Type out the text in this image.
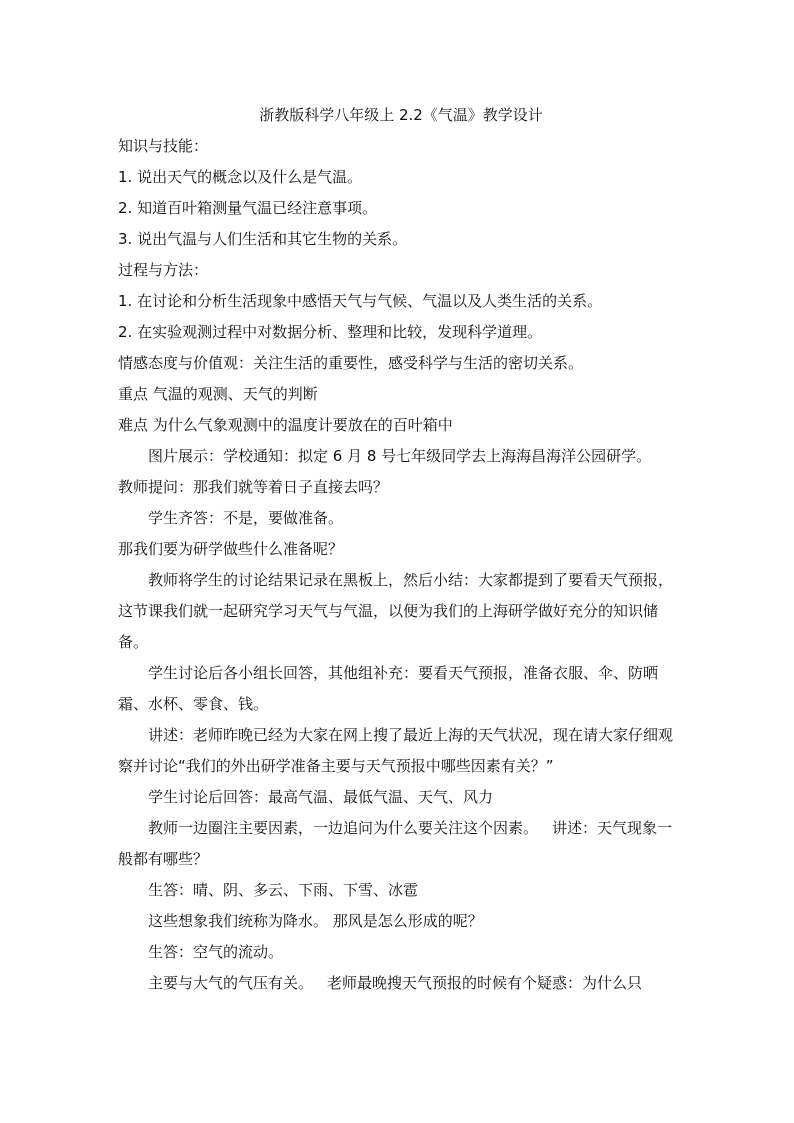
浙教版科学八年级上 2.2《气温》教学设计

知识与技能：

1. 说出天气的概念以及什么是气温。

2. 知道百叶箱测量气温已经注意事项。

3. 说出气温与人们生活和其它生物的关系。

过程与方法：

1. 在讨论和分析生活现象中感悟天气与气候、气温以及人类生活的关系。

2. 在实验观测过程中对数据分析、整理和比较，发现科学道理。

情感态度与价值观：关注生活的重要性，感受科学与生活的密切关系。

重点 气温的观测、天气的判断

难点 为什么气象观测中的温度计要放在的百叶箱中

图片展示：学校通知：拟定 6 月 8 号七年级同学去上海海昌海洋公园研学。

教师提问：那我们就等着日子直接去吗？

学生齐答：不是，要做准备。

那我们要为研学做些什么准备呢？

教师将学生的讨论结果记录在黑板上，然后小结：大家都提到了要看天气预报，这节课我们就一起研究学习天气与气温，以便为我们的上海研学做好充分的知识储备。

学生讨论后各小组长回答，其他组补充：要看天气预报，准备衣服、伞、防晒霜、水杯、零食、钱。

讲述：老师昨晚已经为大家在网上搜了最近上海的天气状况，现在请大家仔细观察并讨论“我们的外出研学准备主要与天气预报中哪些因素有关？”

学生讨论后回答：最高气温、最低气温、天气、风力

教师一边圈注主要因素，一边追问为什么要关注这个因素。 讲述：天气现象一般都有哪些？

生答：晴、阴、多云、下雨、下雪、冰雹

这些想象我们统称为降水。 那风是怎么形成的呢？

生答：空气的流动。

主要与大气的气压有关。 老师最晚搜天气预报的时候有个疑惑：为什么只
